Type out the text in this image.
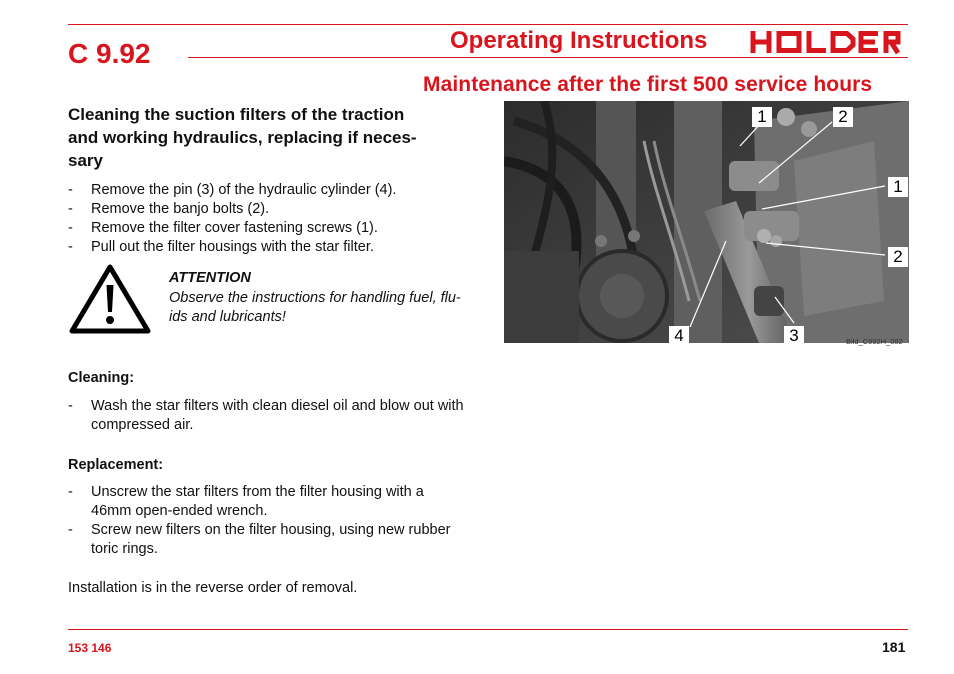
C 9.92	Operating Instructions
Maintenance after the first 500 service hours
Cleaning the suction filters of the traction
and working hydraulics, replacing if neces-
sary
- Remove the pin (3) of the hydraulic cylinder (4).
- Remove the banjo bolts (2).
- Remove the filter cover fastening screws (1).
- Pull out the filter housings with the star filter.
ATTENTION
Observe the instructions for handling fuel, flu-ids and lubricants!
Cleaning:
- Wash the star filters with clean diesel oil and blow out with compressed air.
Replacement:
- Unscrew the star filters from the filter housing with a 46mm open-ended wrench.
- Screw new filters on the filter housing, using new rubber toric rings.
Installation is in the reverse order of removal.
1	2
1
2
4	3	Bild_C992H_082
153 146	181
